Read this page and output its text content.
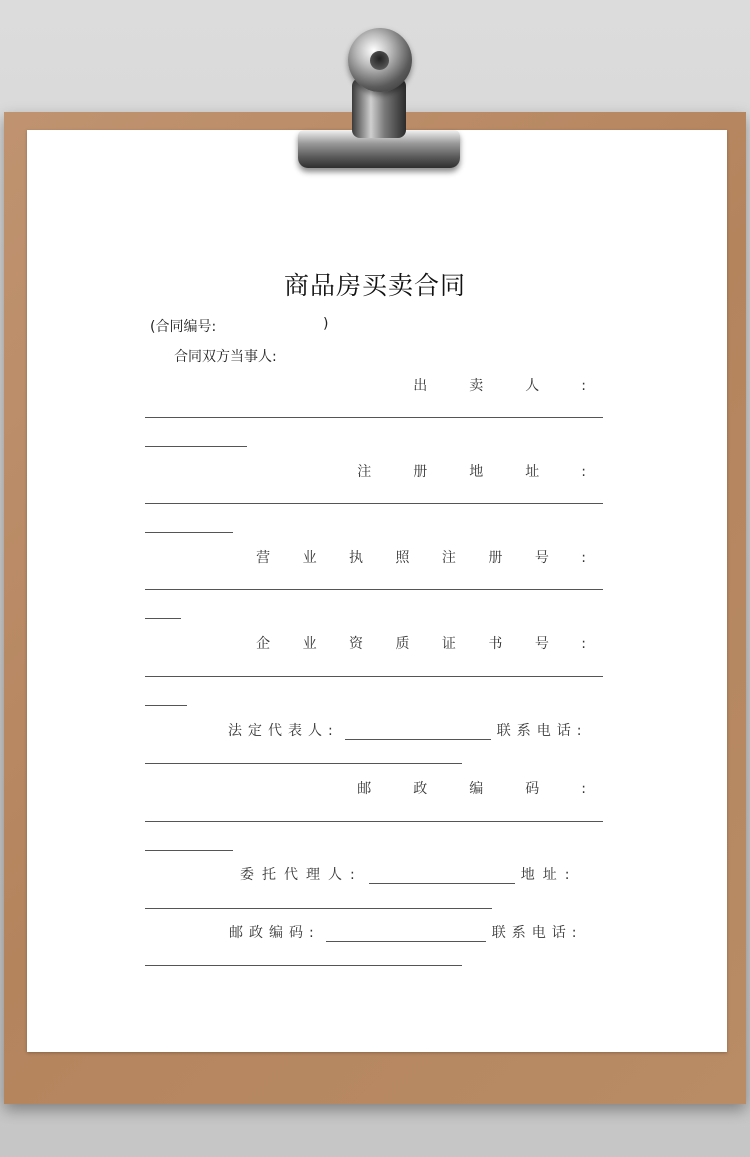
商品房买卖合同
(合同编号:	)
合同双方当事人:
出　卖　人　:
注　册　地　址　:
营 业 执 照 注 册 号 :
企 业 资 质 证 书 号 :
法定代表人:	联系电话:
邮　政　编　码　:
委托代理人:	地址:
邮政编码:	联系电话:
